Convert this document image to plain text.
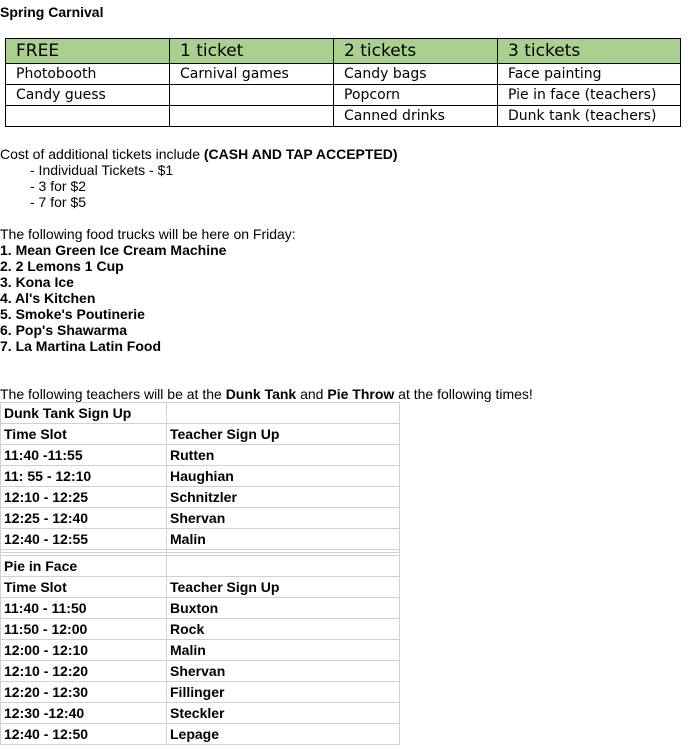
Spring Carnival
FREE	1 ticket	2 tickets	3 tickets
Photobooth	Carnival games	Candy bags	Face painting
Candy guess		Popcorn	Pie in face (teachers)
		Canned drinks	Dunk tank (teachers)
Cost of additional tickets include (CASH AND TAP ACCEPTED)
- Individual Tickets - $1
- 3 for $2
- 7 for $5
The following food trucks will be here on Friday:
1. Mean Green Ice Cream Machine
2. 2 Lemons 1 Cup
3. Kona Ice
4. Al's Kitchen
5. Smoke's Poutinerie
6. Pop's Shawarma
7. La Martina Latin Food
The following teachers will be at the Dunk Tank and Pie Throw at the following times!
Dunk Tank Sign Up	
Time Slot	Teacher Sign Up
11:40 -11:55	Rutten
11: 55 - 12:10	Haughian
12:10 - 12:25	Schnitzler
12:25 - 12:40	Shervan
12:40 - 12:55	Malin

Pie in Face	
Time Slot	Teacher Sign Up
11:40 - 11:50	Buxton
11:50 - 12:00	Rock
12:00 - 12:10	Malin
12:10 - 12:20	Shervan
12:20 - 12:30	Fillinger
12:30 -12:40	Steckler
12:40 - 12:50	Lepage
